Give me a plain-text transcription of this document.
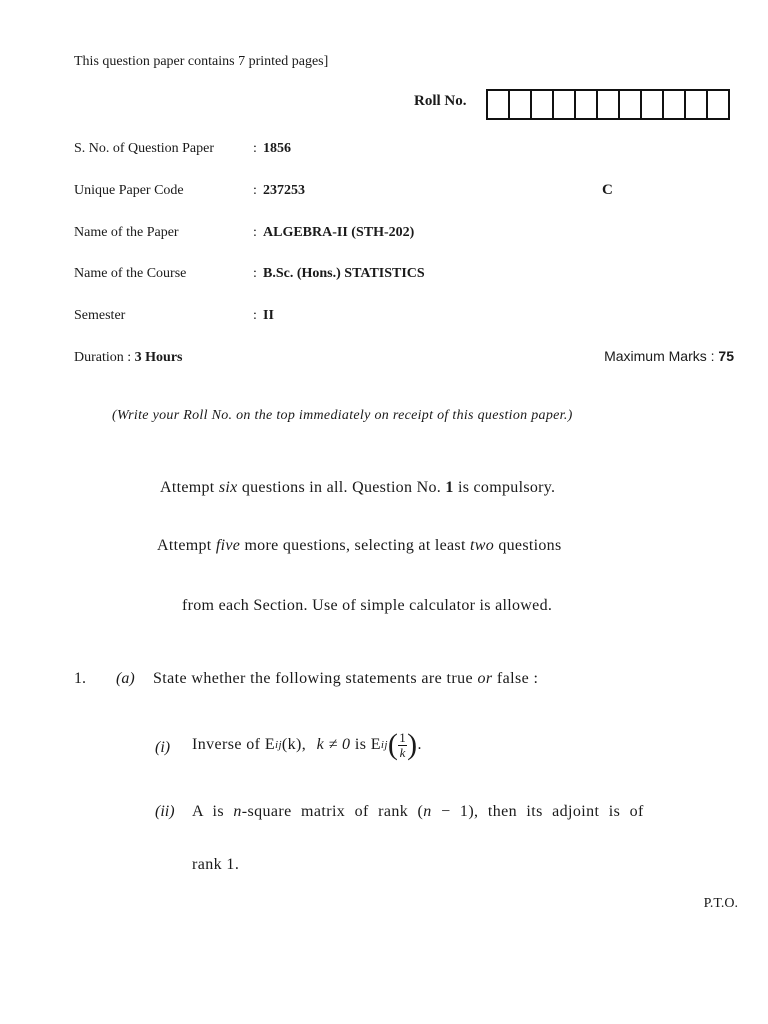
This question paper contains 7 printed pages]
Roll No.
S. No. of Question Paper	: 1856
Unique Paper Code	: 237253
Name of the Paper	: ALGEBRA-II (STH-202)
Name of the Course	: B.Sc. (Hons.) STATISTICS
Semester	: II
C
Duration : 3 Hours	Maximum Marks : 75
(Write your Roll No. on the top immediately on receipt of this question paper.)
Attempt six questions in all. Question No. 1 is compulsory.
Attempt five more questions, selecting at least two questions
from each Section. Use of simple calculator is allowed.
1. (a) State whether the following statements are true or false :
(i) Inverse of Eij(k), k ≠ 0 is $Eij( \frac{1}{k}$ ).
(ii) A is n-square matrix of rank (n − 1), then its adjoint is of
rank 1.
P.T.O.
